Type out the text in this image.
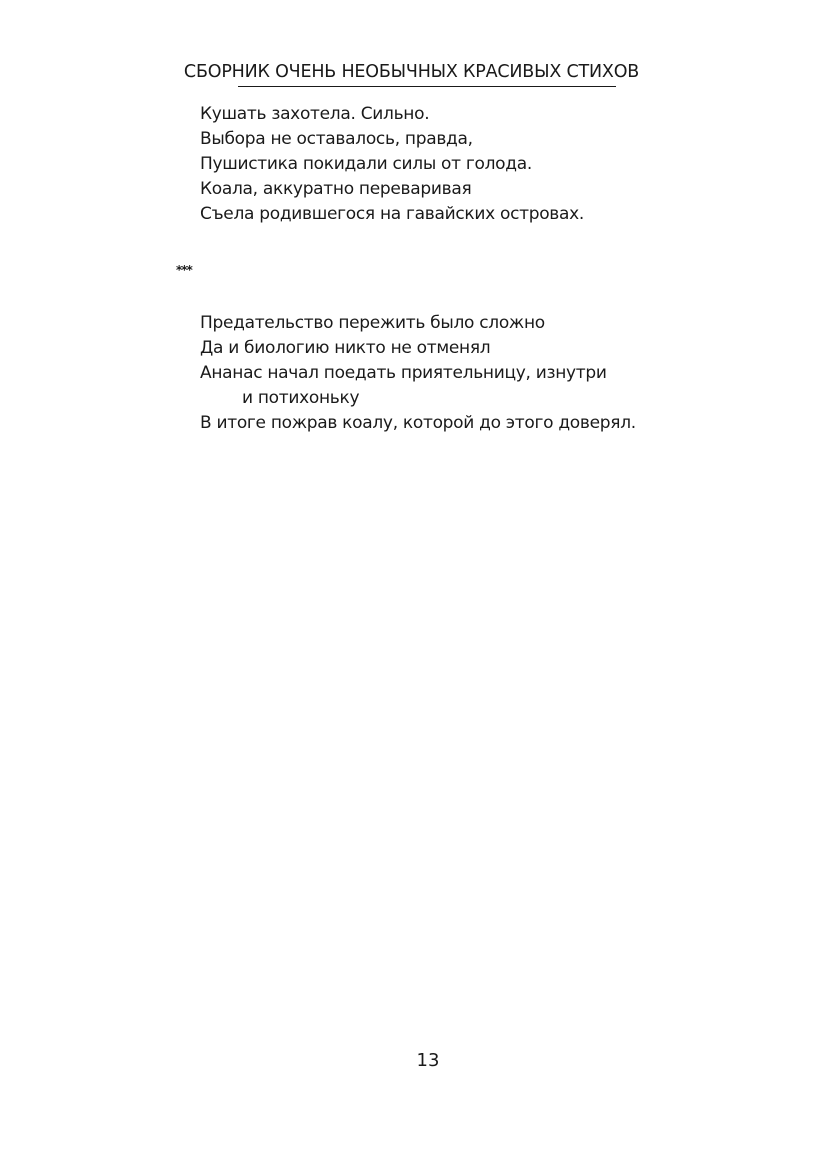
СБОРНИК ОЧЕНЬ НЕОБЫЧНЫХ КРАСИВЫХ СТИХОВ
Кушать захотела. Сильно.
Выбора не оставалось, правда,
Пушистика покидали силы от голода.
Коала, аккуратно переваривая
Съела родившегося на гавайских островах.
***
Предательство пережить было сложно
Да и биологию никто не отменял
Ананас начал поедать приятельницу, изнутри
и потихоньку
В итоге пожрав коалу, которой до этого доверял.
13
